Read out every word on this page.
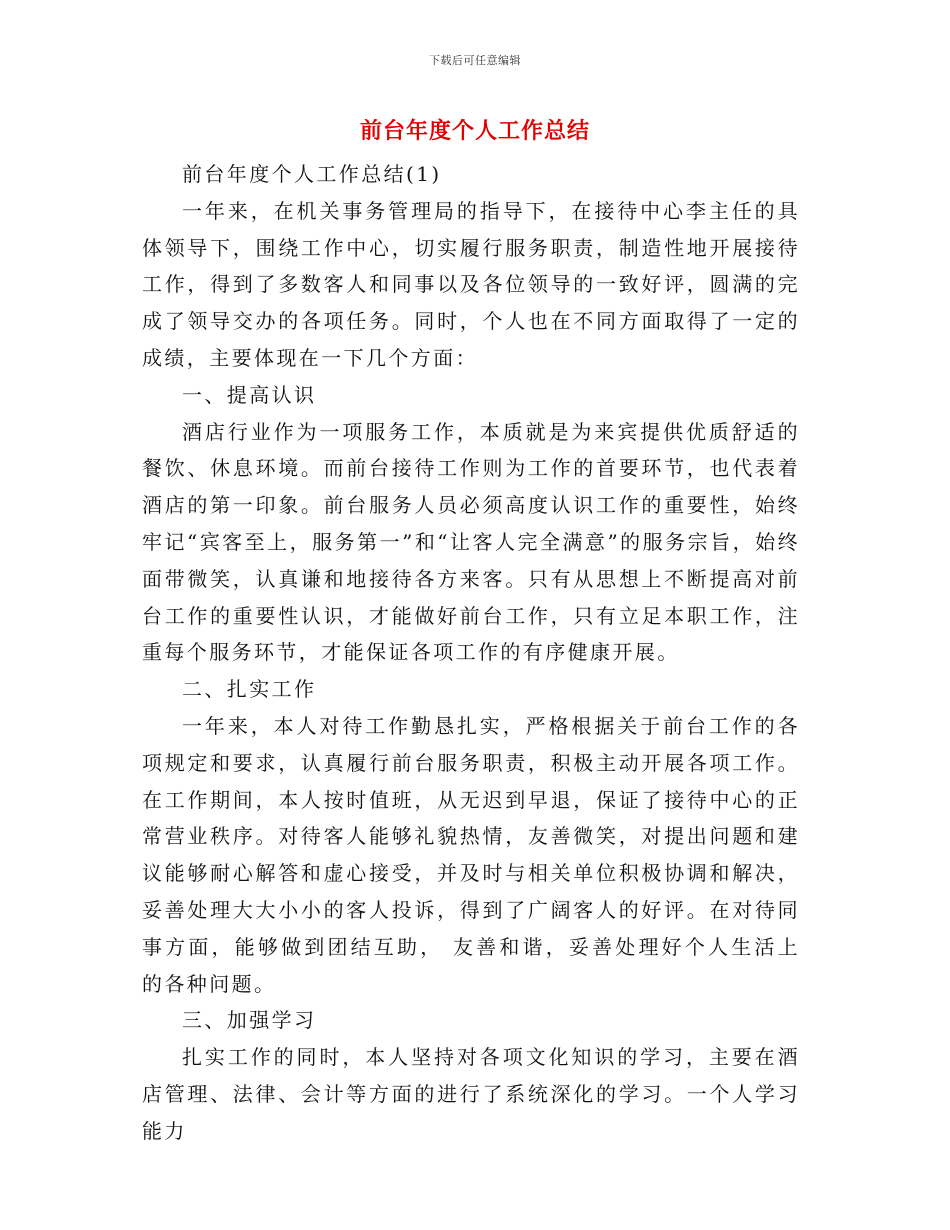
下载后可任意编辑
前台年度个人工作总结

前台年度个人工作总结(1)

一年来，在机关事务管理局的指导下，在接待中心李主任的具体领导下，围绕工作中心，切实履行服务职责，制造性地开展接待工作，得到了多数客人和同事以及各位领导的一致好评，圆满的完成了领导交办的各项任务。同时，个人也在不同方面取得了一定的成绩，主要体现在一下几个方面：

一、提高认识

酒店行业作为一项服务工作，本质就是为来宾提供优质舒适的餐饮、休息环境。而前台接待工作则为工作的首要环节，也代表着酒店的第一印象。前台服务人员必须高度认识工作的重要性，始终牢记“宾客至上，服务第一”和“让客人完全满意”的服务宗旨，始终面带微笑，认真谦和地接待各方来客。只有从思想上不断提高对前台工作的重要性认识，才能做好前台工作，只有立足本职工作，注重每个服务环节，才能保证各项工作的有序健康开展。

二、扎实工作

一年来，本人对待工作勤恳扎实，严格根据关于前台工作的各项规定和要求，认真履行前台服务职责，积极主动开展各项工作。在工作期间，本人按时值班，从无迟到早退，保证了接待中心的正常营业秩序。对待客人能够礼貌热情，友善微笑，对提出问题和建议能够耐心解答和虚心接受，并及时与相关单位积极协调和解决，妥善处理大大小小的客人投诉，得到了广阔客人的好评。在对待同事方面，能够做到团结互助， 友善和谐，妥善处理好个人生活上的各种问题。

三、加强学习

扎实工作的同时，本人坚持对各项文化知识的学习，主要在酒店管理、法律、会计等方面的进行了系统深化的学习。一个人学习能力
